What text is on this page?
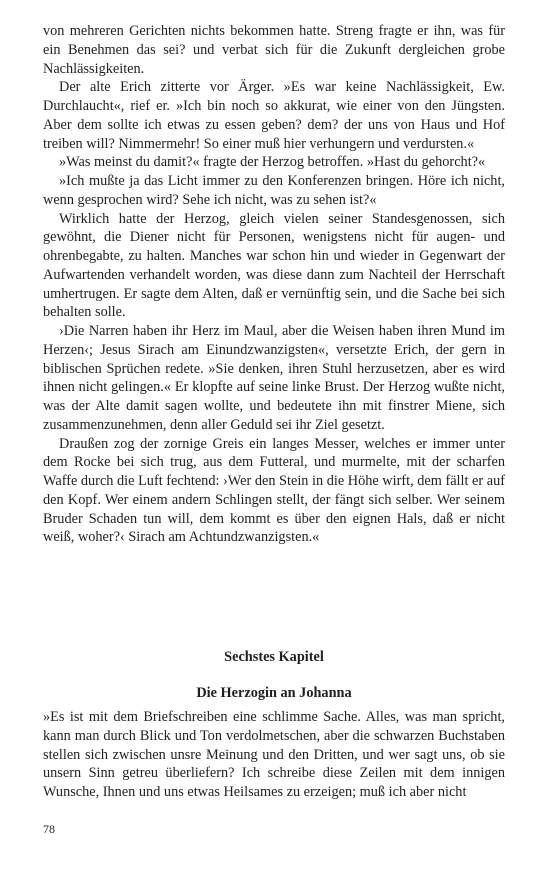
von mehreren Gerichten nichts bekommen hatte. Streng fragte er ihn, was für ein Benehmen das sei? und verbat sich für die Zukunft dergleichen grobe Nachlässigkeiten.

Der alte Erich zitterte vor Ärger. »Es war keine Nachlässigkeit, Ew. Durchlaucht«, rief er. »Ich bin noch so akkurat, wie einer von den Jüngsten. Aber dem sollte ich etwas zu essen geben? dem? der uns von Haus und Hof treiben will? Nimmermehr! So einer muß hier verhungern und verdursten.«

»Was meinst du damit?« fragte der Herzog betroffen. »Hast du gehorcht?«

»Ich mußte ja das Licht immer zu den Konferenzen bringen. Höre ich nicht, wenn gesprochen wird? Sehe ich nicht, was zu sehen ist?«

Wirklich hatte der Herzog, gleich vielen seiner Standesgenossen, sich gewöhnt, die Diener nicht für Personen, wenigstens nicht für augen- und ohrenbegabte, zu halten. Manches war schon hin und wieder in Gegenwart der Aufwartenden verhandelt worden, was diese dann zum Nachteil der Herrschaft umhertrugen. Er sagte dem Alten, daß er vernünftig sein, und die Sache bei sich behalten solle.

›Die Narren haben ihr Herz im Maul, aber die Weisen haben ihren Mund im Herzen‹; Jesus Sirach am Einundzwanzigsten«, versetzte Erich, der gern in biblischen Sprüchen redete. »Sie denken, ihren Stuhl herzusetzen, aber es wird ihnen nicht gelingen.« Er klopfte auf seine linke Brust. Der Herzog wußte nicht, was der Alte damit sagen wollte, und bedeutete ihn mit finstrer Miene, sich zusammenzunehmen, denn aller Geduld sei ihr Ziel gesetzt.

Draußen zog der zornige Greis ein langes Messer, welches er immer unter dem Rocke bei sich trug, aus dem Futteral, und murmelte, mit der scharfen Waffe durch die Luft fechtend: ›Wer den Stein in die Höhe wirft, dem fällt er auf den Kopf. Wer einem andern Schlingen stellt, der fängt sich selber. Wer seinem Bruder Schaden tun will, dem kommt es über den eignen Hals, daß er nicht weiß, woher?‹ Sirach am Achtundzwanzigsten.«

Sechstes Kapitel
Die Herzogin an Johanna

»Es ist mit dem Briefschreiben eine schlimme Sache. Alles, was man spricht, kann man durch Blick und Ton verdolmetschen, aber die schwarzen Buchstaben stellen sich zwischen unsre Meinung und den Dritten, und wer sagt uns, ob sie unsern Sinn getreu überliefern? Ich schreibe diese Zeilen mit dem innigen Wunsche, Ihnen und uns etwas Heilsames zu erzeigen; muß ich aber nicht

78
